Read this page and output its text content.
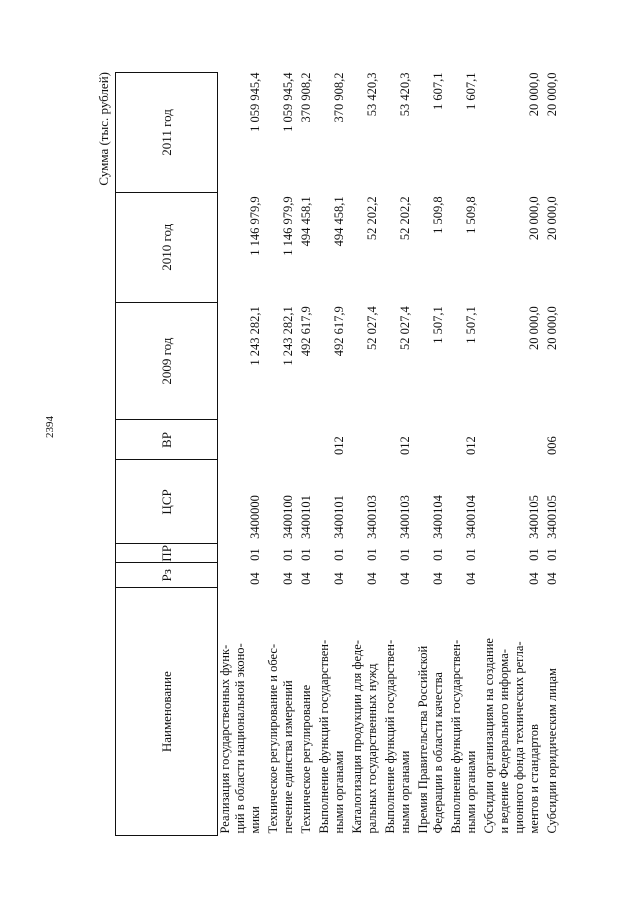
2394
Сумма (тыс. рублей)
Наименование	Рз	ПР	ЦСР	ВР	2009 год	2010 год	2011 год
Реализация государственных функ-
ций в области национальной эконо-
мики	04	01	3400000		1 243 282,1	1 146 979,9	1 059 945,4
Техническое регулирование и обес-
печение единства измерений	04	01	3400100		1 243 282,1	1 146 979,9	1 059 945,4
Техническое регулирование	04	01	3400101		492 617,9	494 458,1	370 908,2
Выполнение функций государствен-
ными органами	04	01	3400101	012	492 617,9	494 458,1	370 908,2
Каталогизация продукции для феде-
ральных государственных нужд	04	01	3400103		52 027,4	52 202,2	53 420,3
Выполнение функций государствен-
ными органами	04	01	3400103	012	52 027,4	52 202,2	53 420,3
Премия Правительства Российской
Федерации в области качества	04	01	3400104		1 507,1	1 509,8	1 607,1
Выполнение функций государствен-
ными органами	04	01	3400104	012	1 507,1	1 509,8	1 607,1
Субсидии организациям на создание
и ведение Федерального информа-
ционного фонда технических регла-
ментов и стандартов	04	01	3400105		20 000,0	20 000,0	20 000,0
Субсидии юридическим лицам	04	01	3400105	006	20 000,0	20 000,0	20 000,0
